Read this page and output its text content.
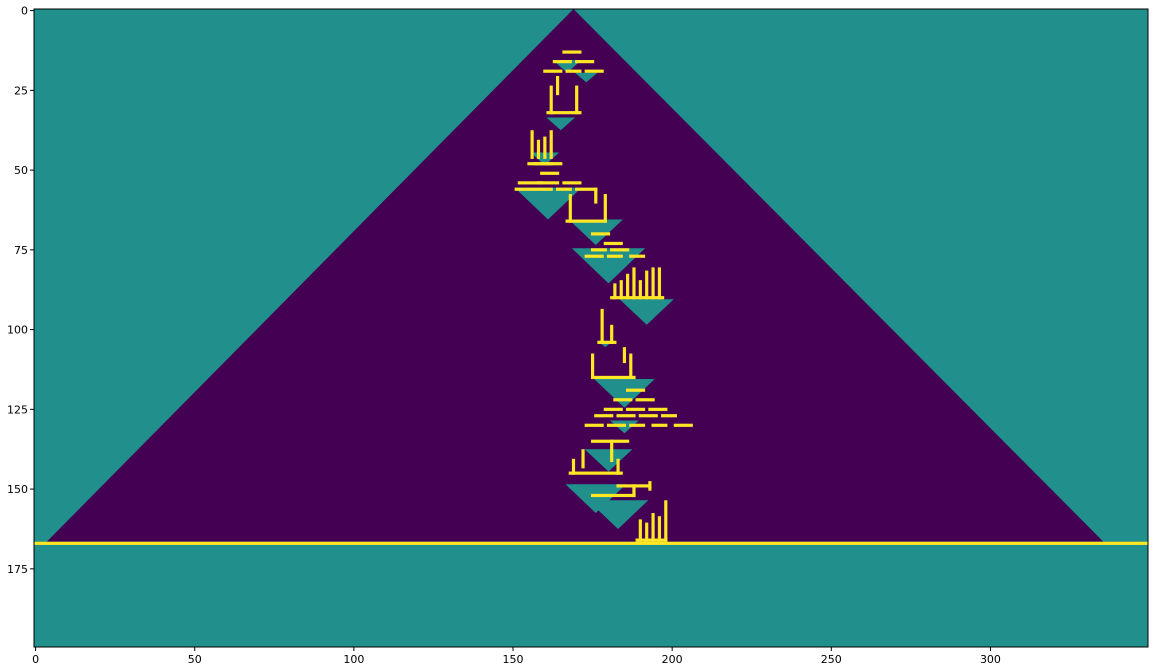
0	50	100	150	200	250	300
0
25
50
75
100
125
150
175
